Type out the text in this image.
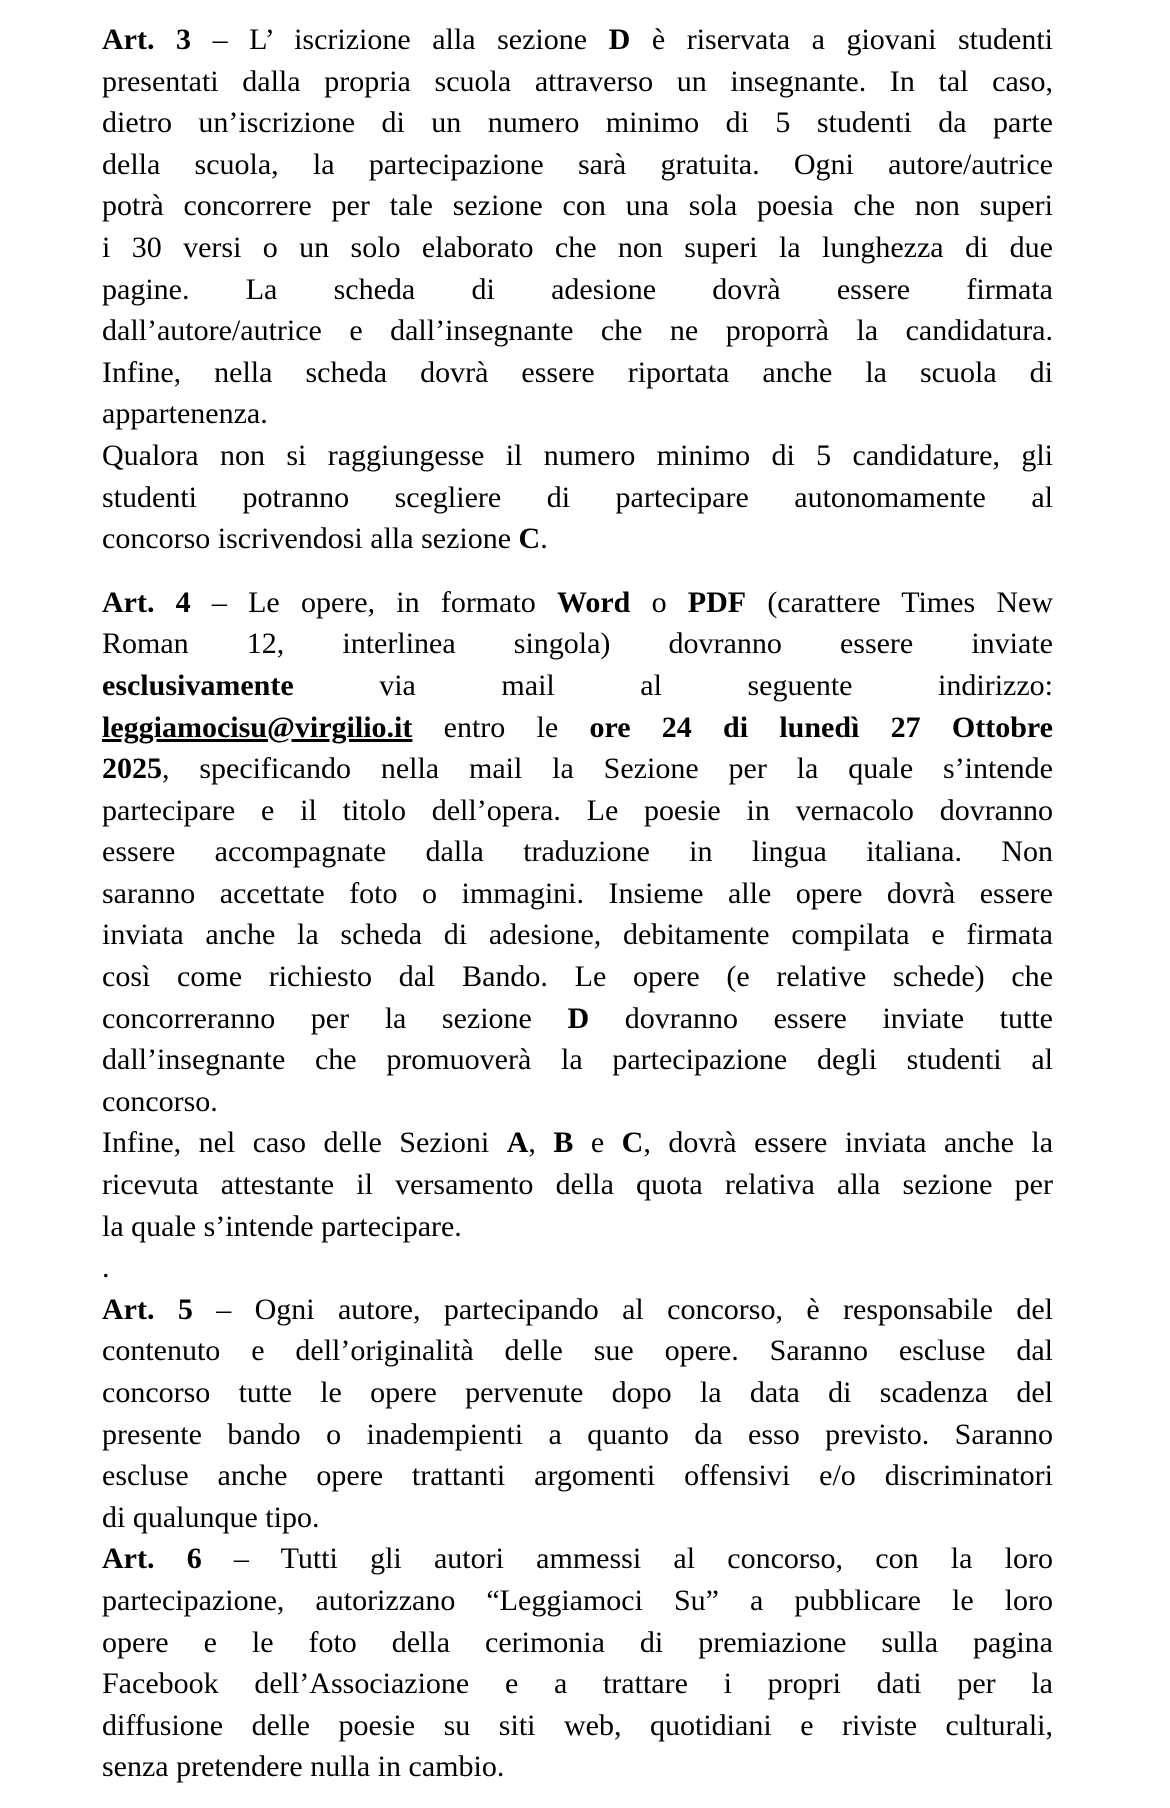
Art. 3 – L’ iscrizione alla sezione D è riservata a giovani studenti
presentati dalla propria scuola attraverso un insegnante. In tal caso,
dietro un’iscrizione di un numero minimo di 5 studenti da parte
della scuola, la partecipazione sarà gratuita. Ogni autore/autrice
potrà concorrere per tale sezione con una sola poesia che non superi
i 30 versi o un solo elaborato che non superi la lunghezza di due
pagine. La scheda di adesione dovrà essere firmata
dall’autore/autrice e dall’insegnante che ne proporrà la candidatura.
Infine, nella scheda dovrà essere riportata anche la scuola di
appartenenza.
Qualora non si raggiungesse il numero minimo di 5 candidature, gli
studenti potranno scegliere di partecipare autonomamente al
concorso iscrivendosi alla sezione C.
Art. 4 – Le opere, in formato Word o PDF (carattere Times New
Roman 12, interlinea singola) dovranno essere inviate
esclusivamente via mail al seguente indirizzo:
leggiamocisu@virgilio.it entro le ore 24 di lunedì 27 Ottobre
2025, specificando nella mail la Sezione per la quale s’intende
partecipare e il titolo dell’opera. Le poesie in vernacolo dovranno
essere accompagnate dalla traduzione in lingua italiana. Non
saranno accettate foto o immagini. Insieme alle opere dovrà essere
inviata anche la scheda di adesione, debitamente compilata e firmata
così come richiesto dal Bando. Le opere (e relative schede) che
concorreranno per la sezione D dovranno essere inviate tutte
dall’insegnante che promuoverà la partecipazione degli studenti al
concorso.
Infine, nel caso delle Sezioni A, B e C, dovrà essere inviata anche la
ricevuta attestante il versamento della quota relativa alla sezione per
la quale s’intende partecipare.
.
Art. 5 – Ogni autore, partecipando al concorso, è responsabile del
contenuto e dell’originalità delle sue opere. Saranno escluse dal
concorso tutte le opere pervenute dopo la data di scadenza del
presente bando o inadempienti a quanto da esso previsto. Saranno
escluse anche opere trattanti argomenti offensivi e/o discriminatori
di qualunque tipo.
Art. 6 – Tutti gli autori ammessi al concorso, con la loro
partecipazione, autorizzano “Leggiamoci Su” a pubblicare le loro
opere e le foto della cerimonia di premiazione sulla pagina
Facebook dell’Associazione e a trattare i propri dati per la
diffusione delle poesie su siti web, quotidiani e riviste culturali,
senza pretendere nulla in cambio.
